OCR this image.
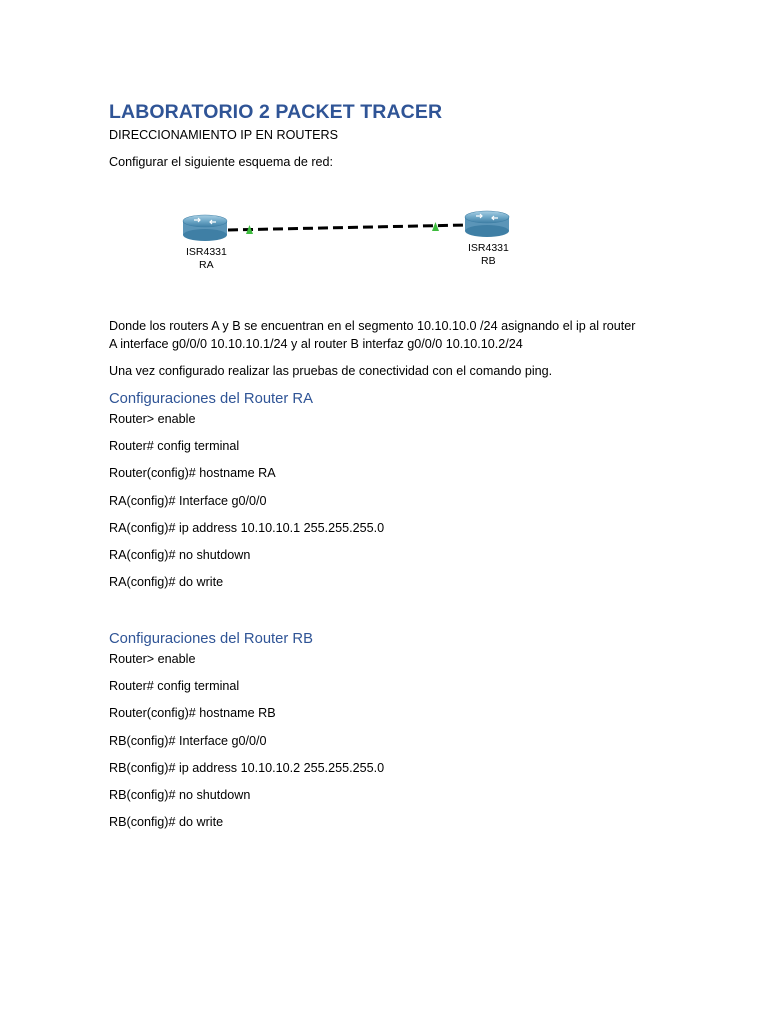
LABORATORIO 2 PACKET TRACER
DIRECCIONAMIENTO IP EN ROUTERS
Configurar el siguiente esquema de red:
ISR4331
RA
ISR4331
RB
Donde los routers A y B se encuentran en el segmento 10.10.10.0 /24 asignando el ip al router
A interface g0/0/0 10.10.10.1/24 y al router B interfaz g0/0/0 10.10.10.2/24
Una vez configurado realizar las pruebas de conectividad con el comando ping.
Configuraciones del Router RA
Router> enable
Router# config terminal
Router(config)# hostname RA
RA(config)# Interface g0/0/0
RA(config)# ip address 10.10.10.1 255.255.255.0
RA(config)# no shutdown
RA(config)# do write
Configuraciones del Router RB
Router> enable
Router# config terminal
Router(config)# hostname RB
RB(config)# Interface g0/0/0
RB(config)# ip address 10.10.10.2 255.255.255.0
RB(config)# no shutdown
RB(config)# do write
